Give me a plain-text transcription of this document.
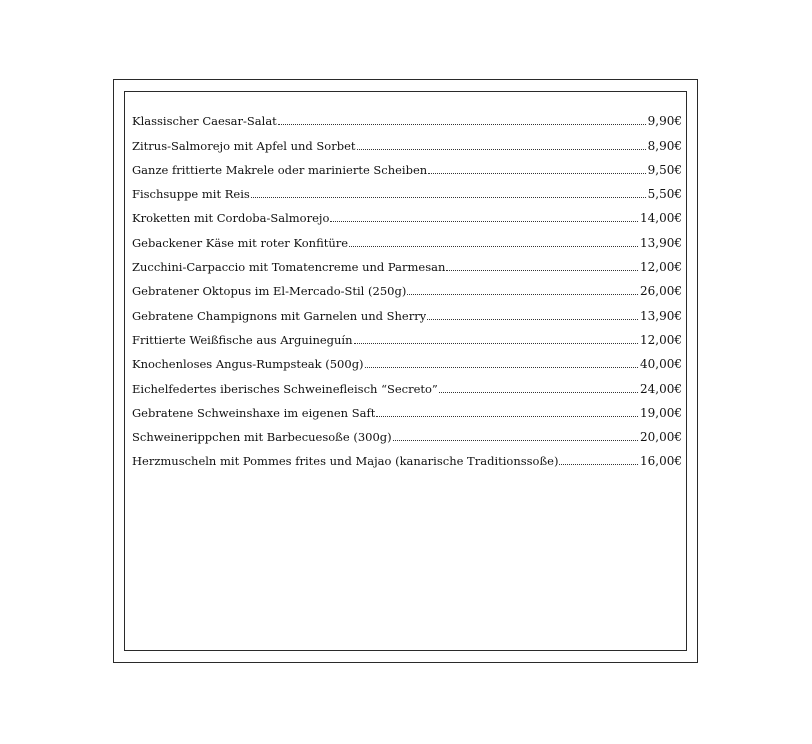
Klassischer Caesar-Salat	9,90€
Zitrus-Salmorejo mit Apfel und Sorbet	8,90€
Ganze frittierte Makrele oder marinierte Scheiben	9,50€
Fischsuppe mit Reis	5,50€
Kroketten mit Cordoba-Salmorejo	14,00€
Gebackener Käse mit roter Konfitüre	13,90€
Zucchini-Carpaccio mit Tomatencreme und Parmesan	12,00€
Gebratener Oktopus im El-Mercado-Stil (250g)	26,00€
Gebratene Champignons mit Garnelen und Sherry	13,90€
Frittierte Weißfische aus Arguineguín	12,00€
Knochenloses Angus-Rumpsteak (500g)	40,00€
Eichelfedertes iberisches Schweinefleisch “Secreto”	24,00€
Gebratene Schweinshaxe im eigenen Saft	19,00€
Schweinerippchen mit Barbecuesoße (300g)	20,00€
Herzmuscheln mit Pommes frites und Majao (kanarische Traditionssoße)	16,00€
